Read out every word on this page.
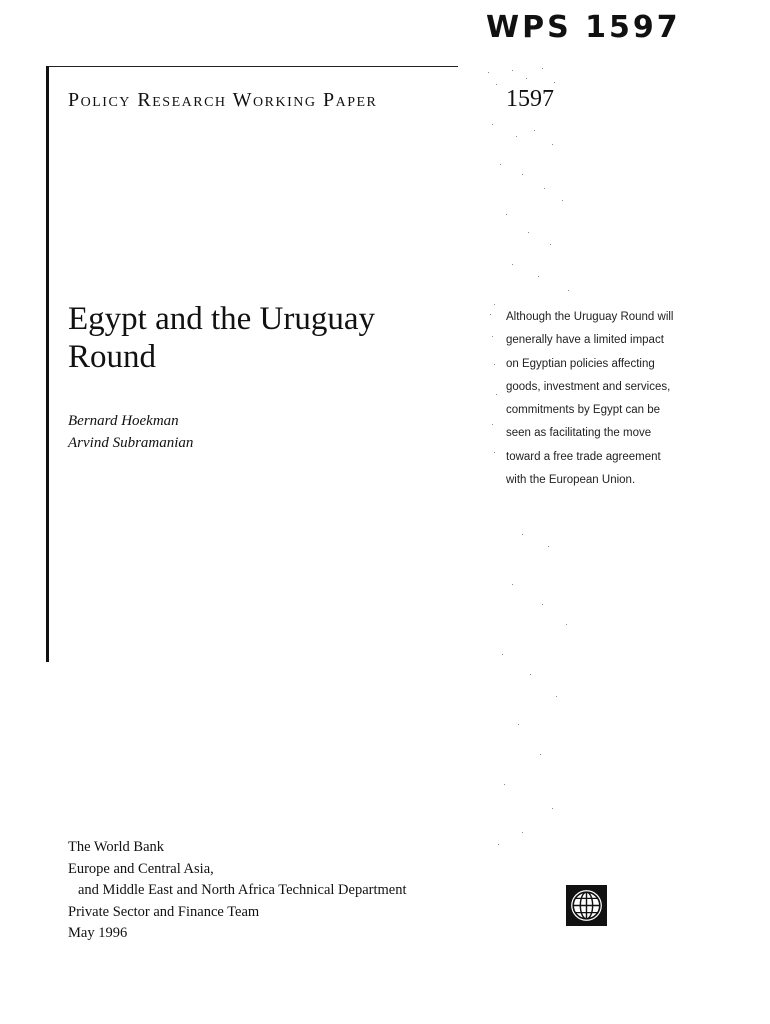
WPS 1597
Policy Research Working Paper	1597
Egypt and the Uruguay Round
Bernard Hoekman
Arvind Subramanian
Although the Uruguay Round will generally have a limited impact on Egyptian policies affecting goods, investment and services, commitments by Egypt can be seen as facilitating the move toward a free trade agreement with the European Union.
The World Bank
Europe and Central Asia,
and Middle East and North Africa Technical Department
Private Sector and Finance Team
May 1996
